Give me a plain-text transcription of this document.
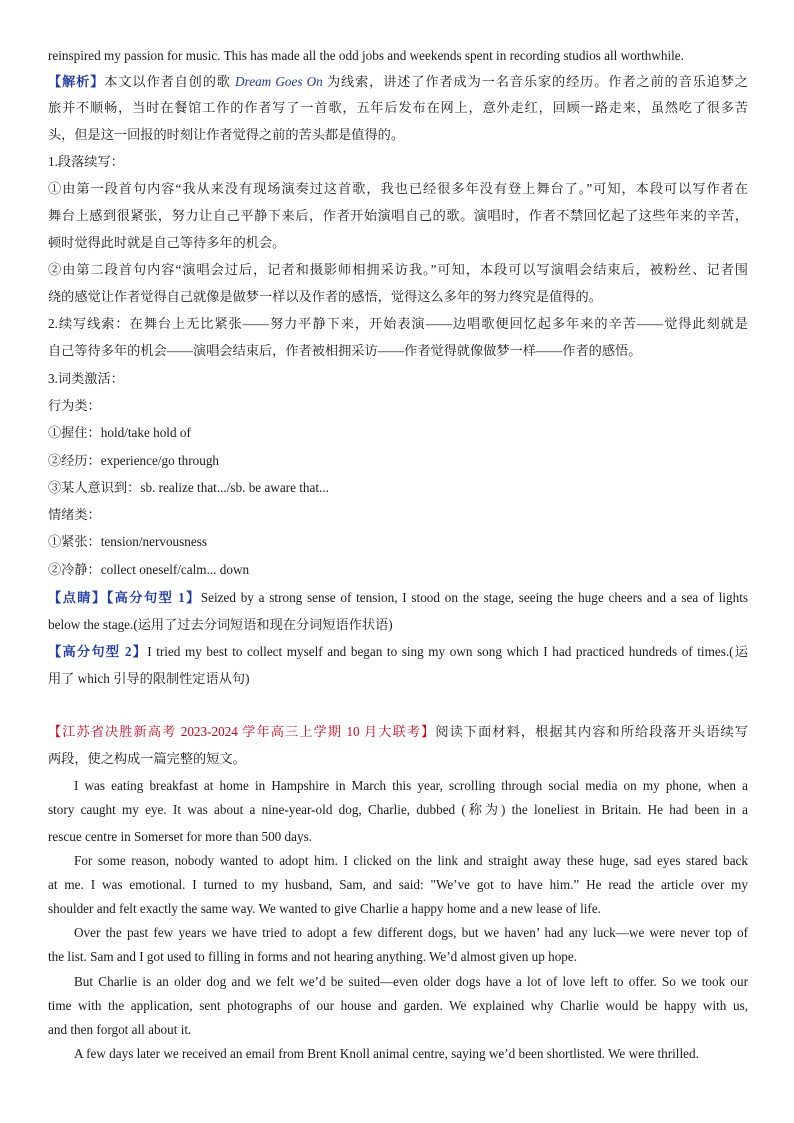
reinspired my passion for music. This has made all the odd jobs and weekends spent in recording studios all worthwhile.
【解析】本文以作者自创的歌 Dream Goes On 为线索，讲述了作者成为一名音乐家的经历。作者之前的音乐追梦之
旅并不顺畅，当时在餐馆工作的作者写了一首歌，五年后发布在网上，意外走红，回顾一路走来，虽然吃了很多苦
头，但是这一回报的时刻让作者觉得之前的苦头都是值得的。
1.段落续写：
①由第一段首句内容“我从来没有现场演奏过这首歌，我也已经很多年没有登上舞台了。”可知，本段可以写作者在
舞台上感到很紧张，努力让自己平静下来后，作者开始演唱自己的歌。演唱时，作者不禁回忆起了这些年来的辛苦，
顿时觉得此时就是自己等待多年的机会。
②由第二段首句内容“演唱会过后，记者和摄影师相拥采访我。”可知，本段可以写演唱会结束后，被粉丝、记者围
绕的感觉让作者觉得自己就像是做梦一样以及作者的感悟，觉得这么多年的努力终究是值得的。
2.续写线索：在舞台上无比紧张——努力平静下来，开始表演——边唱歌便回忆起多年来的辛苦——觉得此刻就是
自己等待多年的机会——演唱会结束后，作者被相拥采访——作者觉得就像做梦一样——作者的感悟。
3.词类激活：
行为类：
①握住：hold/take hold of
②经历：experience/go through
③某人意识到：sb. realize that.../sb. be aware that...
情绪类：
①紧张：tension/nervousness
②冷静：collect oneself/calm... down
【点睛】【高分句型 1】Seized by a strong sense of tension, I stood on the stage, seeing the huge cheers and a sea of lights
below the stage.(运用了过去分词短语和现在分词短语作状语)
【高分句型 2】I tried my best to collect myself and began to sing my own song which I had practiced hundreds of times.(运
用了 which 引导的限制性定语从句)
【江苏省决胜新高考 2023-2024 学年高三上学期 10 月大联考】阅读下面材料，根据其内容和所给段落开头语续写
两段，使之构成一篇完整的短文。
I was eating breakfast at home in Hampshire in March this year, scrolling through social media on my phone, when a
story caught my eye. It was about a nine-year-old dog, Charlie, dubbed (称为) the loneliest in Britain. He had been in a
rescue centre in Somerset for more than 500 days.
For some reason, nobody wanted to adopt him. I clicked on the link and straight away these huge, sad eyes stared back
at me. I was emotional. I turned to my husband, Sam, and said: "We’ve got to have him.” He read the article over my
shoulder and felt exactly the same way. We wanted to give Charlie a happy home and a new lease of life.
Over the past few years we have tried to adopt a few different dogs, but we haven’ had any luck—we were never top of
the list. Sam and I got used to filling in forms and not hearing anything. We’d almost given up hope.
But Charlie is an older dog and we felt we’d be suited—even older dogs have a lot of love left to offer. So we took our
time with the application, sent photographs of our house and garden. We explained why Charlie would be happy with us,
and then forgot all about it.
A few days later we received an email from Brent Knoll animal centre, saying we’d been shortlisted. We were thrilled.
